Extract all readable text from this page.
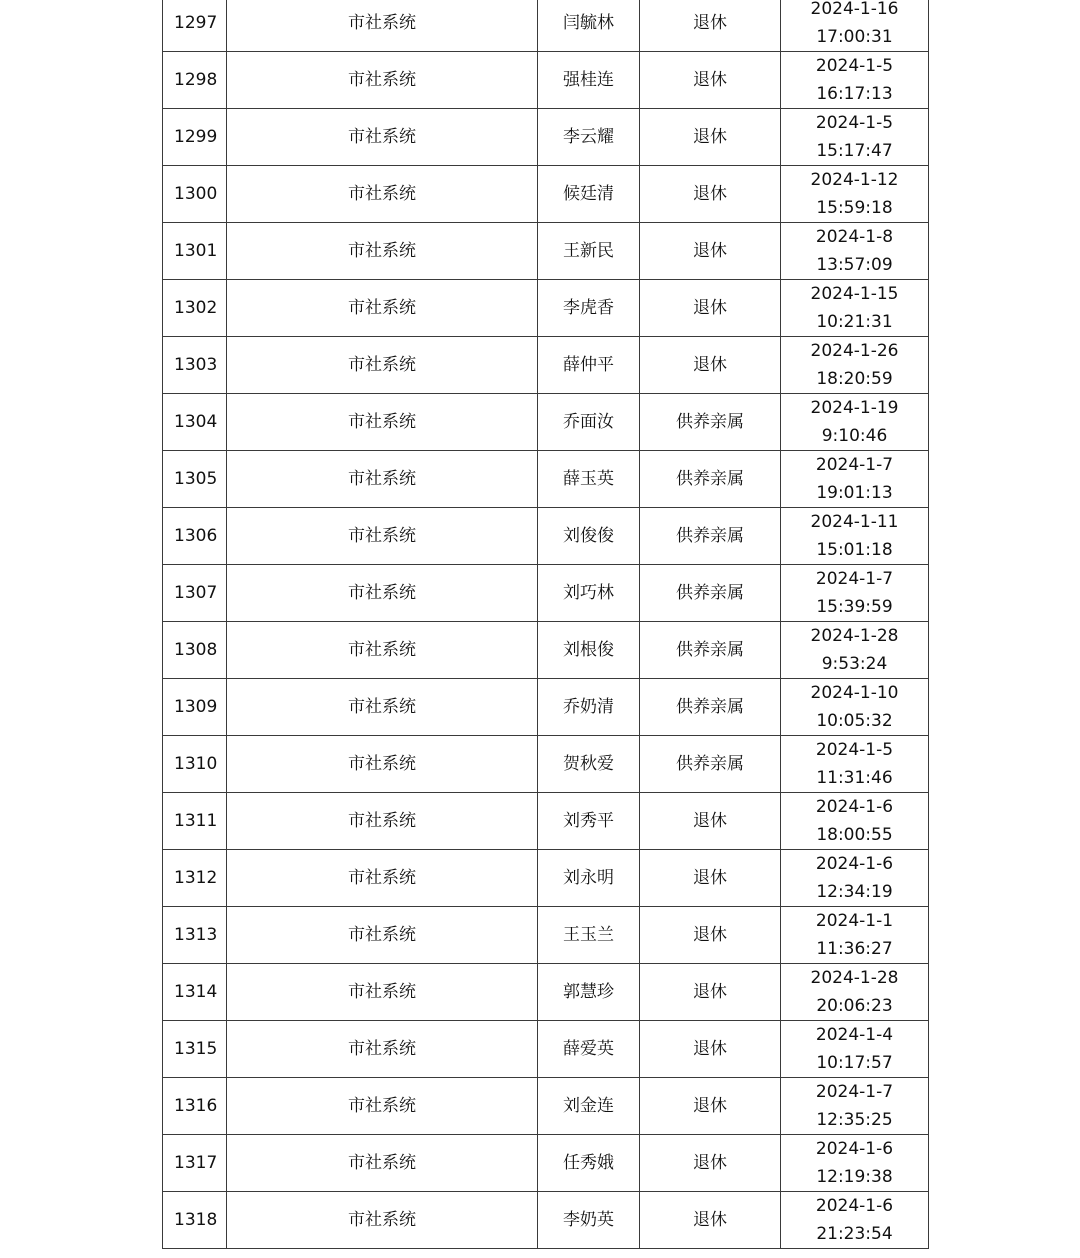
1297	市社系统	闫毓林	退休	2024-1-16
17:00:31

1298	市社系统	强桂连	退休	2024-1-5
16:17:13

1299	市社系统	李云耀	退休	2024-1-5
15:17:47

1300	市社系统	候廷清	退休	2024-1-12
15:59:18

1301	市社系统	王新民	退休	2024-1-8
13:57:09

1302	市社系统	李虎香	退休	2024-1-15
10:21:31

1303	市社系统	薛仲平	退休	2024-1-26
18:20:59

1304	市社系统	乔面汝	供养亲属	2024-1-19
9:10:46

1305	市社系统	薛玉英	供养亲属	2024-1-7
19:01:13

1306	市社系统	刘俊俊	供养亲属	2024-1-11
15:01:18

1307	市社系统	刘巧林	供养亲属	2024-1-7
15:39:59

1308	市社系统	刘根俊	供养亲属	2024-1-28
9:53:24

1309	市社系统	乔奶清	供养亲属	2024-1-10
10:05:32

1310	市社系统	贺秋爱	供养亲属	2024-1-5
11:31:46

1311	市社系统	刘秀平	退休	2024-1-6
18:00:55

1312	市社系统	刘永明	退休	2024-1-6
12:34:19

1313	市社系统	王玉兰	退休	2024-1-1
11:36:27

1314	市社系统	郭慧珍	退休	2024-1-28
20:06:23

1315	市社系统	薛爱英	退休	2024-1-4
10:17:57

1316	市社系统	刘金连	退休	2024-1-7
12:35:25

1317	市社系统	任秀娥	退休	2024-1-6
12:19:38

1318	市社系统	李奶英	退休	2024-1-6
21:23:54
